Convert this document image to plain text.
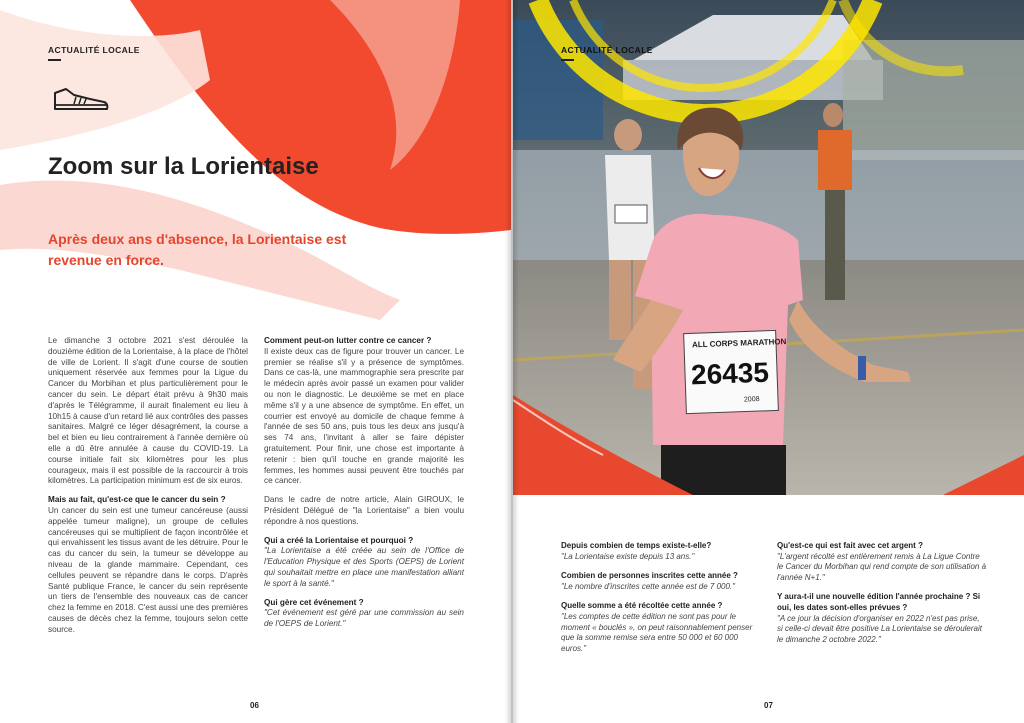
ACTUALITÉ LOCALE
Zoom sur la Lorientaise

Après deux ans d'absence, la Lorientaise est revenue en force.

Le dimanche 3 octobre 2021 s'est déroulée la douzième édition de la Lorientaise, à la place de l'hôtel de ville de Lorient. Il s'agit d'une course de soutien uniquement réservée aux femmes pour la Ligue du Cancer du Morbihan et plus particulièrement pour le cancer du sein. Le départ était prévu à 9h30 mais d'après le Télégramme, il aurait finalement eu lieu à 10h15 à cause d'un retard lié aux contrôles des passes sanitaires. Malgré ce léger désagrément, la course a bel et bien eu lieu contrairement à l'année dernière où elle a dû être annulée à cause du COVID-19. La course initiale fait six kilomètres pour les plus courageux, mais il est possible de la raccourcir à trois kilomètres. La participation minimum est de six euros.

Mais au fait, qu'est-ce que le cancer du sein ?
Un cancer du sein est une tumeur cancéreuse (aussi appelée tumeur maligne), un groupe de cellules cancéreuses qui se multiplient de façon incontrôlée et qui envahissent les tissus avant de les détruire. Pour le cas du cancer du sein, la tumeur se développe au niveau de la glande mammaire. Cependant, ces cellules peuvent se répandre dans le corps. D'après Santé publique France, le cancer du sein représente un tiers de l'ensemble des nouveaux cas de cancer chez la femme en 2018. C'est aussi une des premières causes de décès chez la femme, toujours selon cette source.

Comment peut-on lutter contre ce cancer ?
Il existe deux cas de figure pour trouver un cancer. Le premier se réalise s'il y a présence de symptômes. Dans ce cas-là, une mammographie sera prescrite par le médecin après avoir passé un examen pour valider ou non le diagnostic. Le deuxième se met en place même s'il y a une absence de symptôme. En effet, un courrier est envoyé au domicile de chaque femme à l'année de ses 50 ans, puis tous les deux ans jusqu'à ses 74 ans, l'invitant à aller se faire dépister gratuitement. Pour finir, une chose est importante à retenir : bien qu'il touche en grande majorité les femmes, les hommes aussi peuvent être touchés par ce cancer.

Dans le cadre de notre article, Alain GIROUX, le Président Délégué de "la Lorientaise" a bien voulu répondre à nos questions.

Qui a créé la Lorientaise et pourquoi ?
"La Lorientaise a été créée au sein de l'Office de l'Education Physique et des Sports (OEPS) de Lorient qui souhaitait mettre en place une manifestation alliant le sport à la santé."

Qui gère cet événement ?
"Cet événement est géré par une commission au sein de l'OEPS de Lorient."

06
ALL CORPS MARATHON
26435
2008
ACTUALITÉ LOCALE

Depuis combien de temps existe-t-elle?
"La Lorientaise existe depuis 13 ans."

Combien de personnes inscrites cette année ?
"Le nombre d'inscrites cette année est de 7 000."

Quelle somme a été récoltée cette année ?
"Les comptes de cette édition ne sont pas pour le moment « bouclés », on peut raisonnablement penser que la somme remise sera entre 50 000 et 60 000 euros."

Qu'est-ce qui est fait avec cet argent ?
"L'argent récolté est entièrement remis à La Ligue Contre le Cancer du Morbihan qui rend compte de son utilisation à l'année N+1."

Y aura-t-il une nouvelle édition l'année prochaine ? Si oui, les dates sont-elles prévues ?
"A ce jour la décision d'organiser en 2022 n'est pas prise, si celle-ci devait être positive La Lorientaise se déroulerait le dimanche 2 octobre 2022."

07
